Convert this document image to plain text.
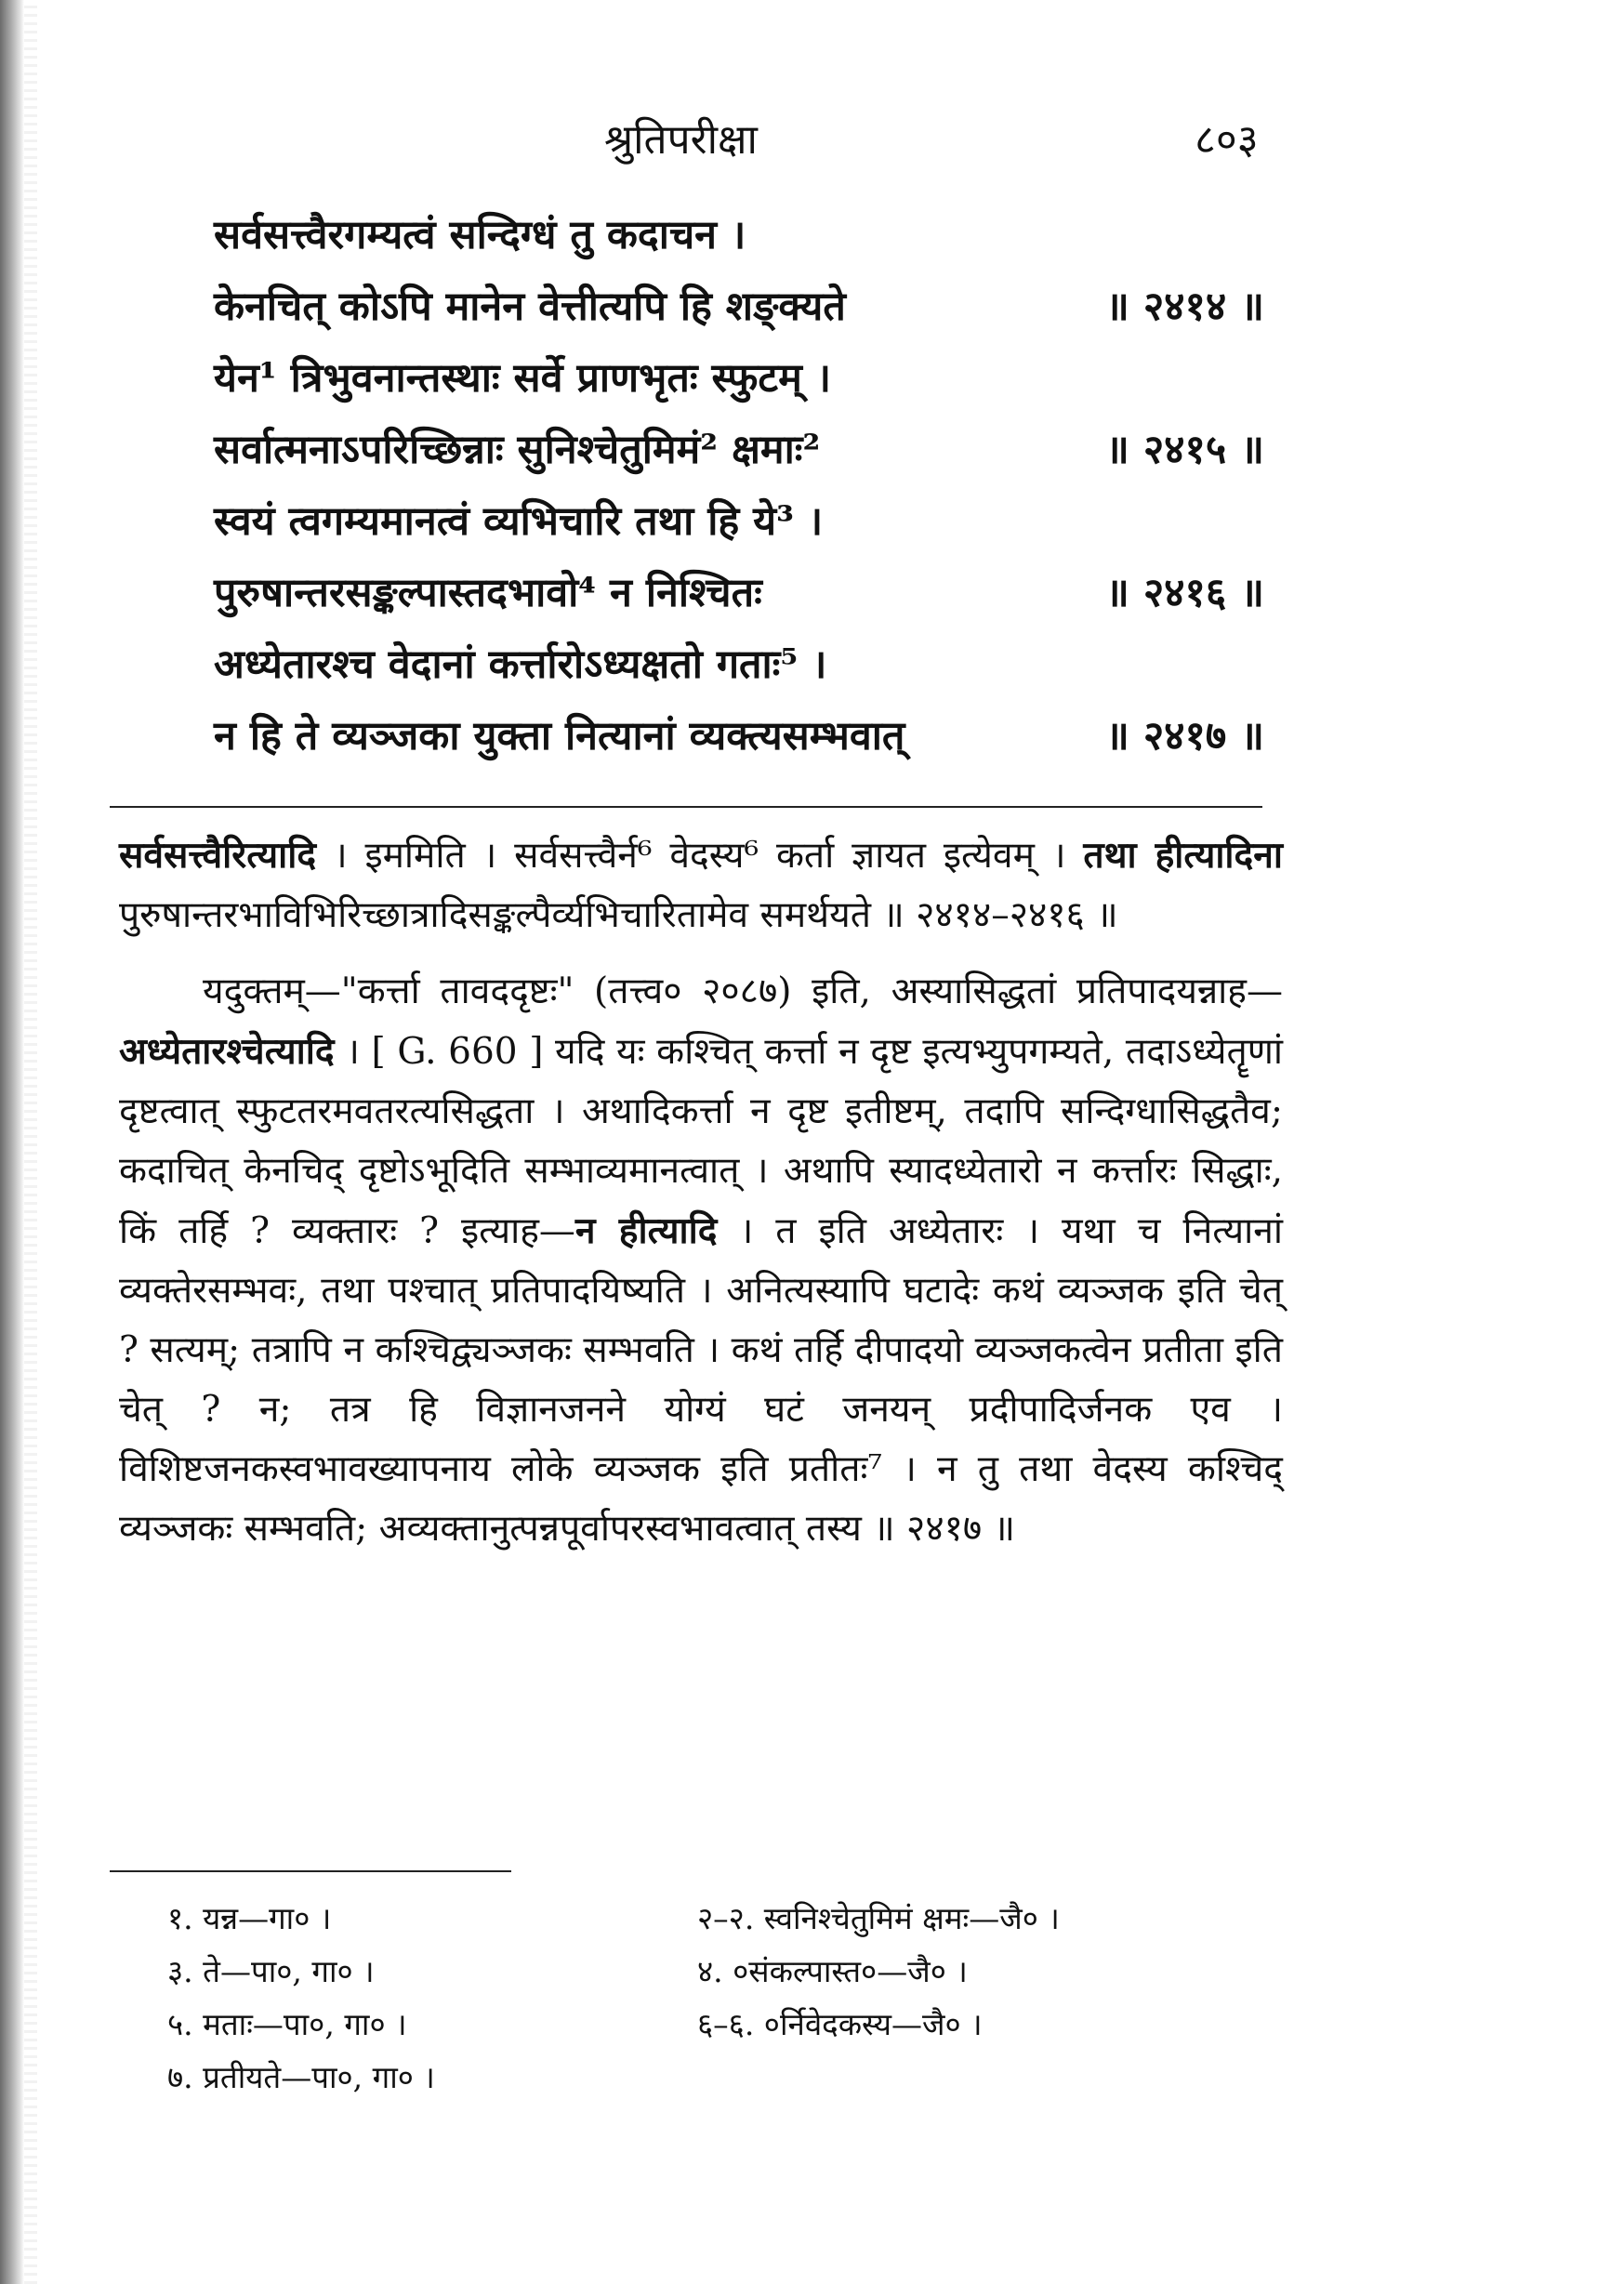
श्रुतिपरीक्षा	८०३
सर्वसत्त्वैरगम्यत्वं सन्दिग्धं तु कदाचन ।
केनचित् कोऽपि मानेन वेत्तीत्यपि हि शङ्क्यते	॥ २४१४ ॥
येन¹ त्रिभुवनान्तस्थाः सर्वे प्राणभृतः स्फुटम् ।
सर्वात्मनाऽपरिच्छिन्नाः सुनिश्चेतुमिमं² क्षमाः²	॥ २४१५ ॥
स्वयं त्वगम्यमानत्वं व्यभिचारि तथा हि ये³ ।
पुरुषान्तरसङ्कल्पास्तदभावो⁴ न निश्चितः	॥ २४१६ ॥
अध्येतारश्च वेदानां कर्त्तारोऽध्यक्षतो गताः⁵ ।
न हि ते व्यञ्जका युक्ता नित्यानां व्यक्त्यसम्भवात्	॥ २४१७ ॥

सर्वसत्त्वैरित्यादि । इममिति । सर्वसत्त्वैर्न⁶ वेदस्य⁶ कर्ता ज्ञायत इत्येवम् । तथा हीत्यादिना पुरुषान्तरभाविभिरिच्छात्रादिसङ्कल्पैर्व्यभिचारितामेव समर्थयते ॥ २४१४–२४१६ ॥

यदुक्तम्—"कर्त्ता तावददृष्टः" (तत्त्व० २०८७) इति, अस्यासिद्धतां प्रतिपादयन्नाह—अध्येतारश्चेत्यादि । [ G. 660 ] यदि यः कश्चित् कर्त्ता न दृष्ट इत्यभ्युपगम्यते, तदाऽध्येतॄणां दृष्टत्वात् स्फुटतरमवतरत्यसिद्धता । अथादिकर्त्ता न दृष्ट इतीष्टम्, तदापि सन्दिग्धासिद्धतैव; कदाचित् केनचिद् दृष्टोऽभूदिति सम्भाव्यमानत्वात् । अथापि स्यादध्येतारो न कर्त्तारः सिद्धाः, किं तर्हि ? व्यक्तारः ? इत्याह—न हीत्यादि । त इति अध्येतारः । यथा च नित्यानां व्यक्तेरसम्भवः, तथा पश्चात् प्रतिपादयिष्यति । अनित्यस्यापि घटादेः कथं व्यञ्जक इति चेत् ? सत्यम्; तत्रापि न कश्चिद्व्यञ्जकः सम्भवति । कथं तर्हि दीपादयो व्यञ्जकत्वेन प्रतीता इति चेत् ? न; तत्र हि विज्ञानजनने योग्यं घटं जनयन् प्रदीपादिर्जनक एव । विशिष्टजनकस्वभावख्यापनाय लोके व्यञ्जक इति प्रतीतः⁷ । न तु तथा वेदस्य कश्चिद् व्यञ्जकः सम्भवति; अव्यक्तानुत्पन्नपूर्वापरस्वभावत्वात् तस्य ॥ २४१७ ॥

१. यन्न—गा० ।	२–२. स्वनिश्चेतुमिमं क्षमः—जै० ।
३. ते—पा०, गा० ।	४. ०संकल्पास्त०—जै० ।
५. मताः—पा०, गा० ।	६–६. ०र्निवेदकस्य—जै० ।
७. प्रतीयते—पा०, गा० ।
